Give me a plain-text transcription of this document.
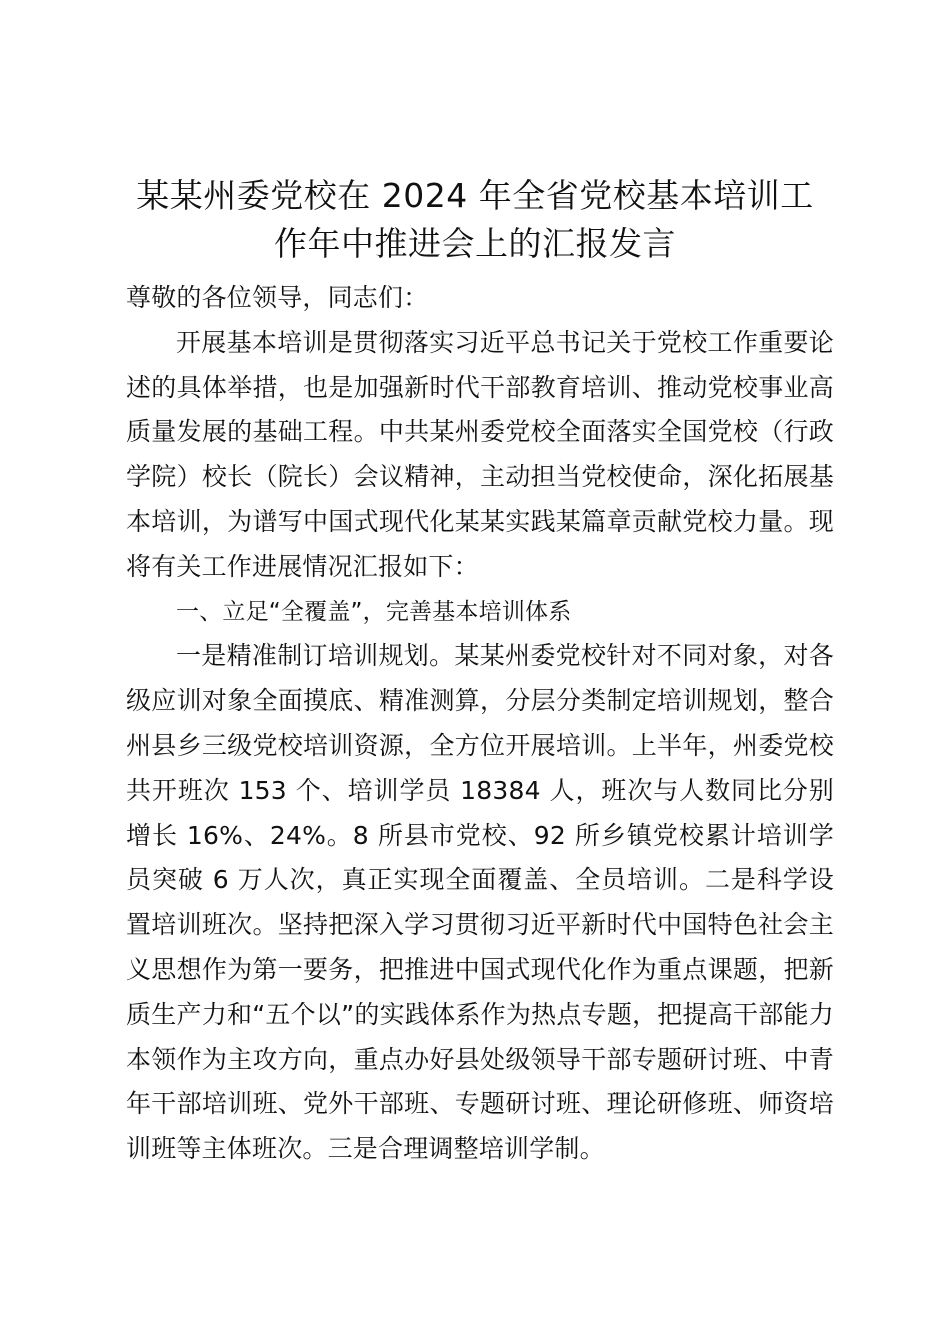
某某州委党校在 2024 年全省党校基本培训工
作年中推进会上的汇报发言

尊敬的各位领导，同志们：

开展基本培训是贯彻落实习近平总书记关于党校工作重要论述的具体举措，也是加强新时代干部教育培训、推动党校事业高质量发展的基础工程。中共某州委党校全面落实全国党校（行政学院）校长（院长）会议精神，主动担当党校使命，深化拓展基本培训，为谱写中国式现代化某某实践某篇章贡献党校力量。现将有关工作进展情况汇报如下：

一、立足“全覆盖”，完善基本培训体系

一是精准制订培训规划。某某州委党校针对不同对象，对各级应训对象全面摸底、精准测算，分层分类制定培训规划，整合州县乡三级党校培训资源，全方位开展培训。上半年，州委党校共开班次 153 个、培训学员 18384 人，班次与人数同比分别增长 16%、24%。8 所县市党校、92 所乡镇党校累计培训学员突破 6 万人次，真正实现全面覆盖、全员培训。二是科学设置培训班次。坚持把深入学习贯彻习近平新时代中国特色社会主义思想作为第一要务，把推进中国式现代化作为重点课题，把新质生产力和“五个以”的实践体系作为热点专题，把提高干部能力本领作为主攻方向，重点办好县处级领导干部专题研讨班、中青年干部培训班、党外干部班、专题研讨班、理论研修班、师资培训班等主体班次。三是合理调整培训学制。
